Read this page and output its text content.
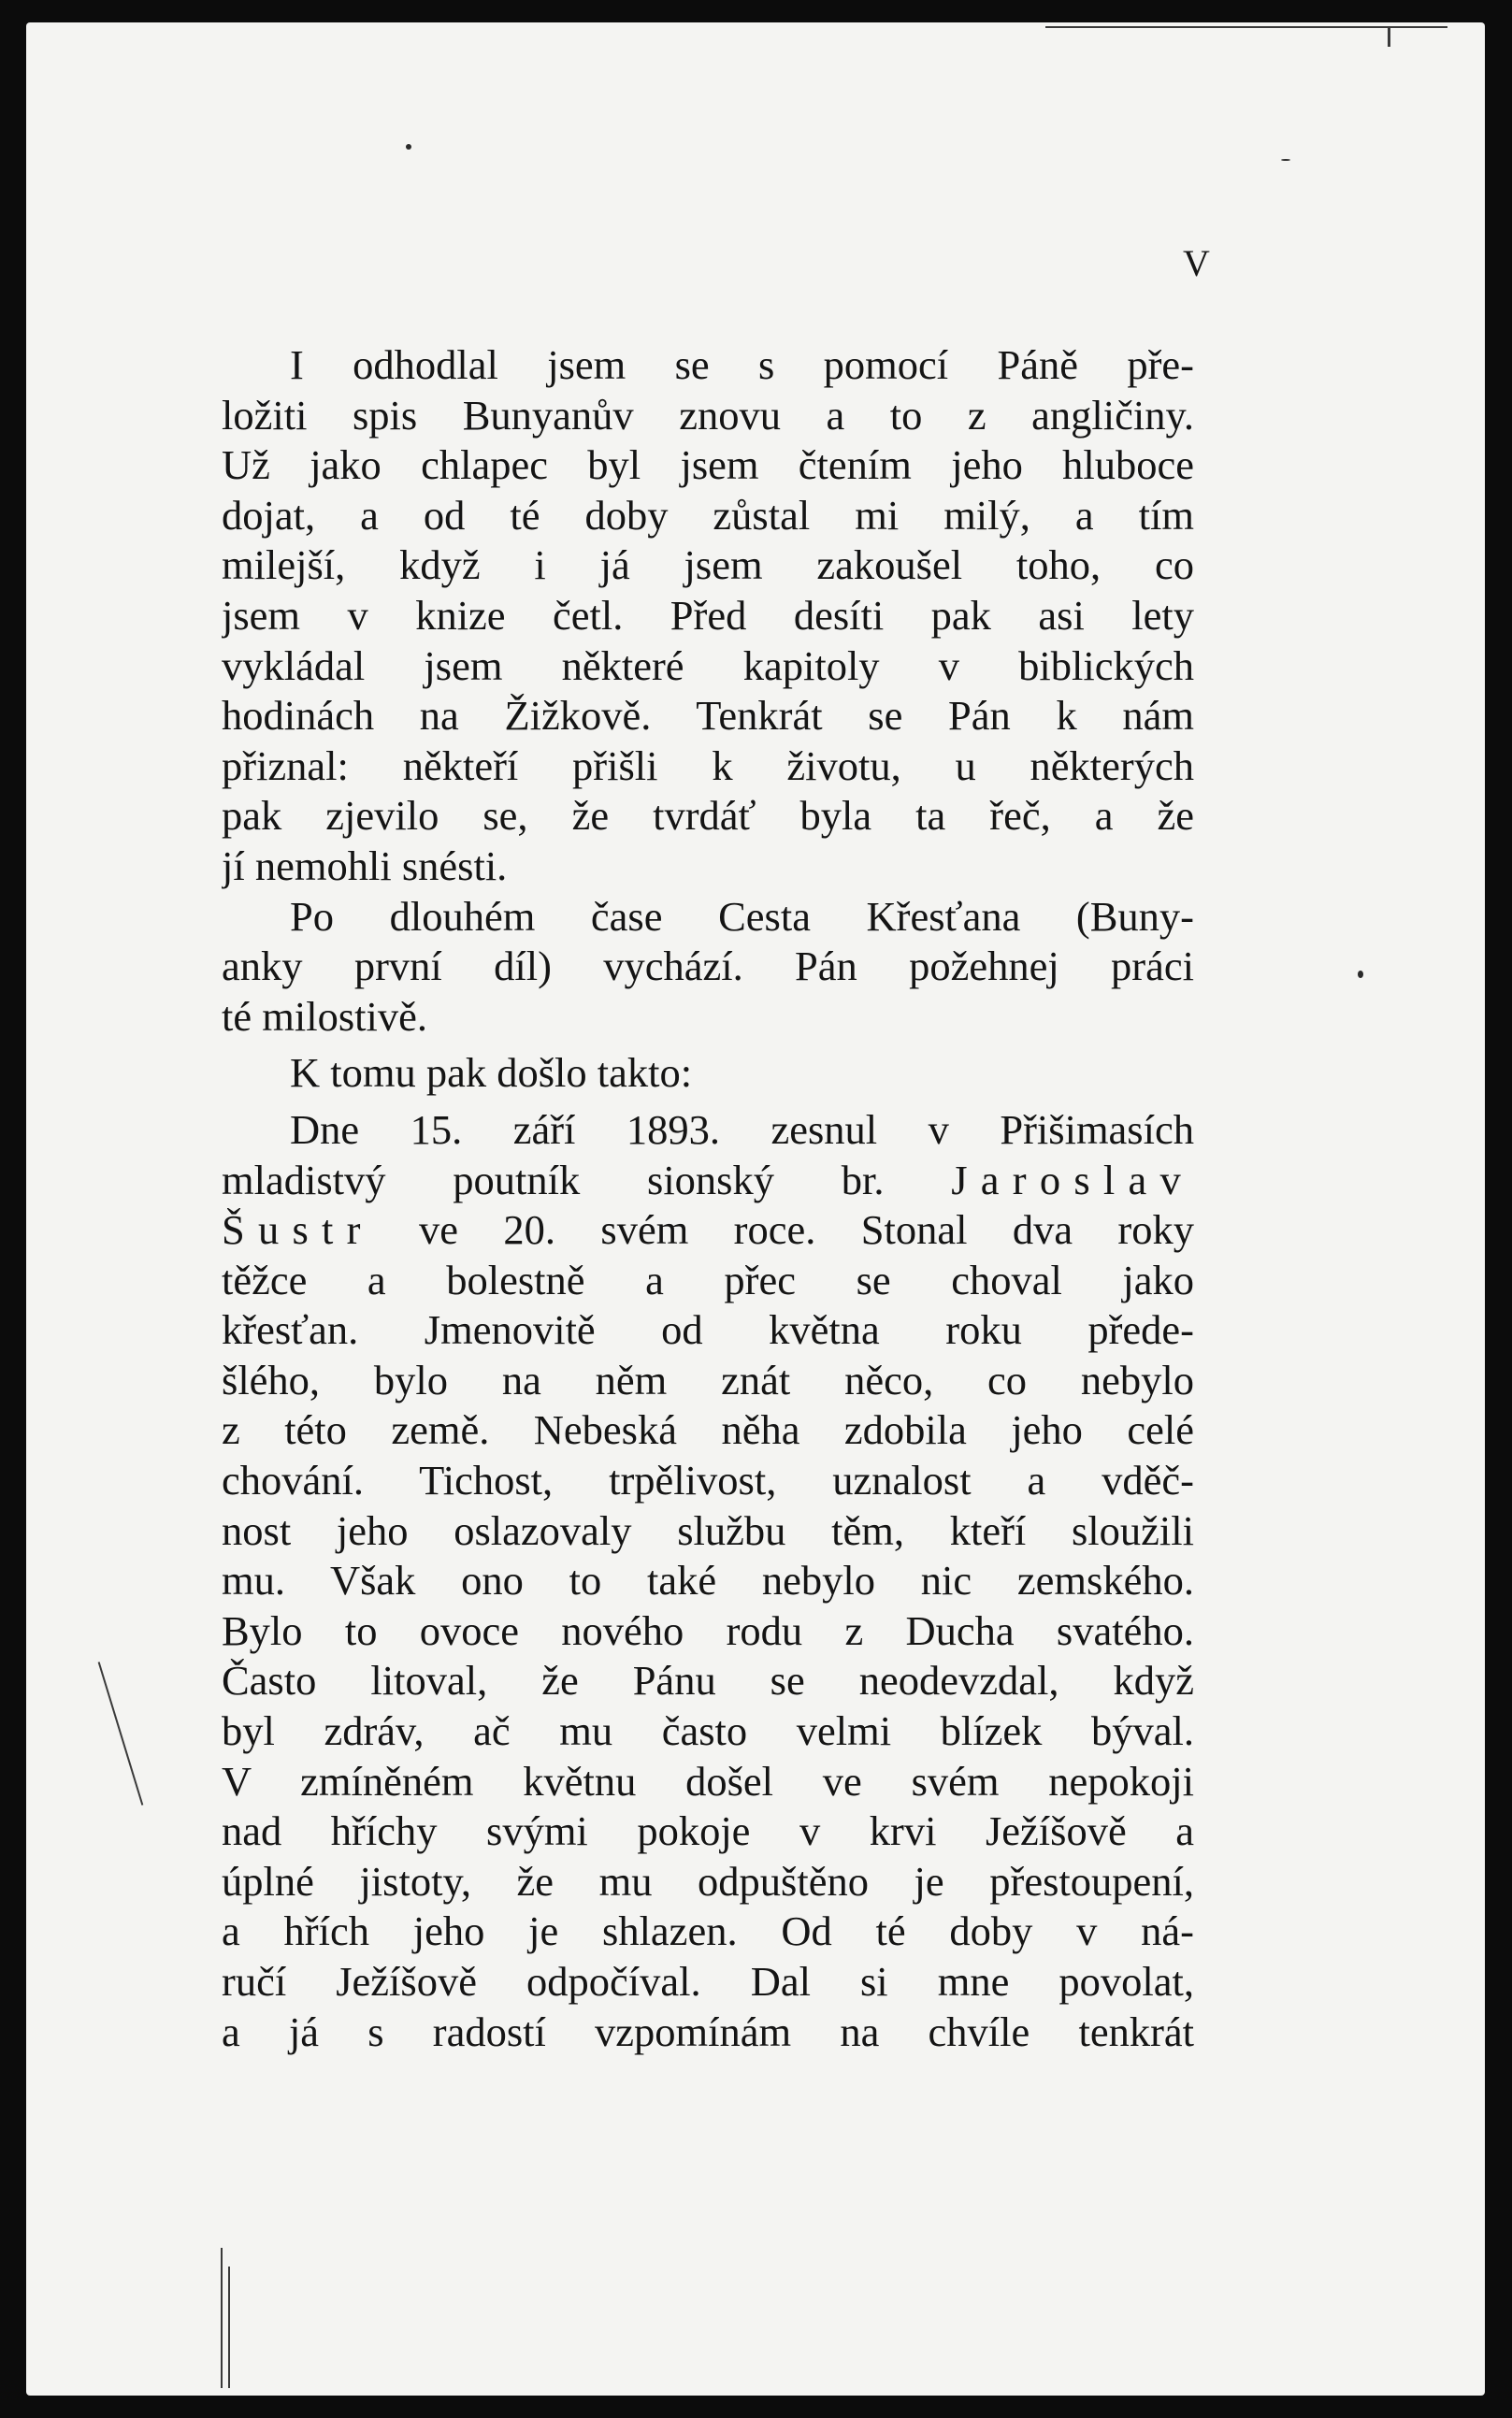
V
I odhodlal jsem se s pomocí Páně pře-
ložiti spis Bunyanův znovu a to z angličiny.
Už jako chlapec byl jsem čtením jeho hluboce
dojat, a od té doby zůstal mi milý, a tím
milejší, když i já jsem zakoušel toho, co
jsem v knize četl. Před desíti pak asi lety
vykládal jsem některé kapitoly v biblických
hodinách na Žižkově. Tenkrát se Pán k nám
přiznal: někteří přišli k životu, u některých
pak zjevilo se, že tvrdáť byla ta řeč, a že
jí nemohli snésti.
Po dlouhém čase Cesta Křesťana (Buny-
anky první díl) vychází. Pán požehnej práci
té milostivě.
K tomu pak došlo takto:
Dne 15. září 1893. zesnul v Přišimasích
mladistvý poutník sionský br. Jaroslav
Šustr ve 20. svém roce. Stonal dva roky
těžce a bolestně a přec se choval jako
křesťan. Jmenovitě od května roku přede-
šlého, bylo na něm znát něco, co nebylo
z této země. Nebeská něha zdobila jeho celé
chování. Tichost, trpělivost, uznalost a vděč-
nost jeho oslazovaly službu těm, kteří sloužili
mu. Však ono to také nebylo nic zemského.
Bylo to ovoce nového rodu z Ducha svatého.
Často litoval, že Pánu se neodevzdal, když
byl zdráv, ač mu často velmi blízek býval.
V zmíněném květnu došel ve svém nepokoji
nad hříchy svými pokoje v krvi Ježíšově a
úplné jistoty, že mu odpuštěno je přestoupení,
a hřích jeho je shlazen. Od té doby v ná-
ručí Ježíšově odpočíval. Dal si mne povolat,
a já s radostí vzpomínám na chvíle tenkrát
